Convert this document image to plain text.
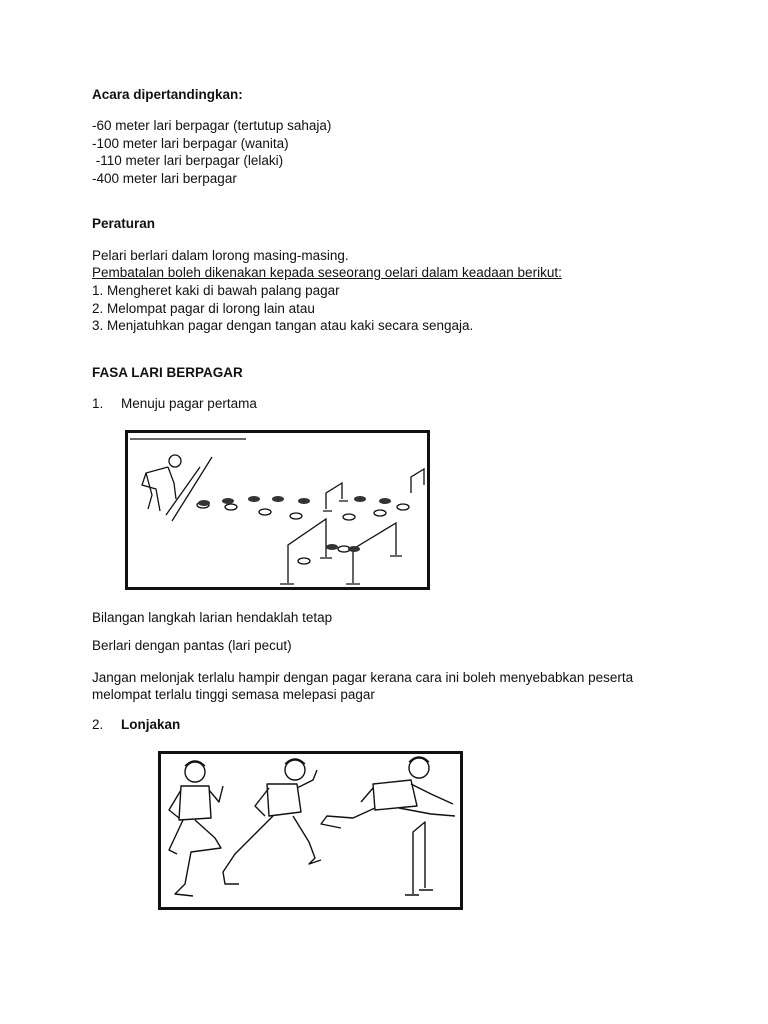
Acara dipertandingkan:
-60 meter lari berpagar (tertutup sahaja)
-100 meter lari berpagar (wanita)
-110 meter lari berpagar (lelaki)
-400 meter lari berpagar
Peraturan
Pelari berlari dalam lorong masing-masing.
Pembatalan boleh dikenakan kepada seseorang oelari dalam keadaan berikut:
1. Mengheret kaki di bawah palang pagar
2. Melompat pagar di lorong lain atau
3. Menjatuhkan pagar dengan tangan atau kaki secara sengaja.
FASA LARI BERPAGAR
1. Menuju pagar pertama
Bilangan langkah larian hendaklah tetap
Berlari dengan pantas (lari pecut)
Jangan melonjak terlalu hampir dengan pagar kerana cara ini boleh menyebabkan peserta
melompat terlalu tinggi semasa melepasi pagar
2. Lonjakan
